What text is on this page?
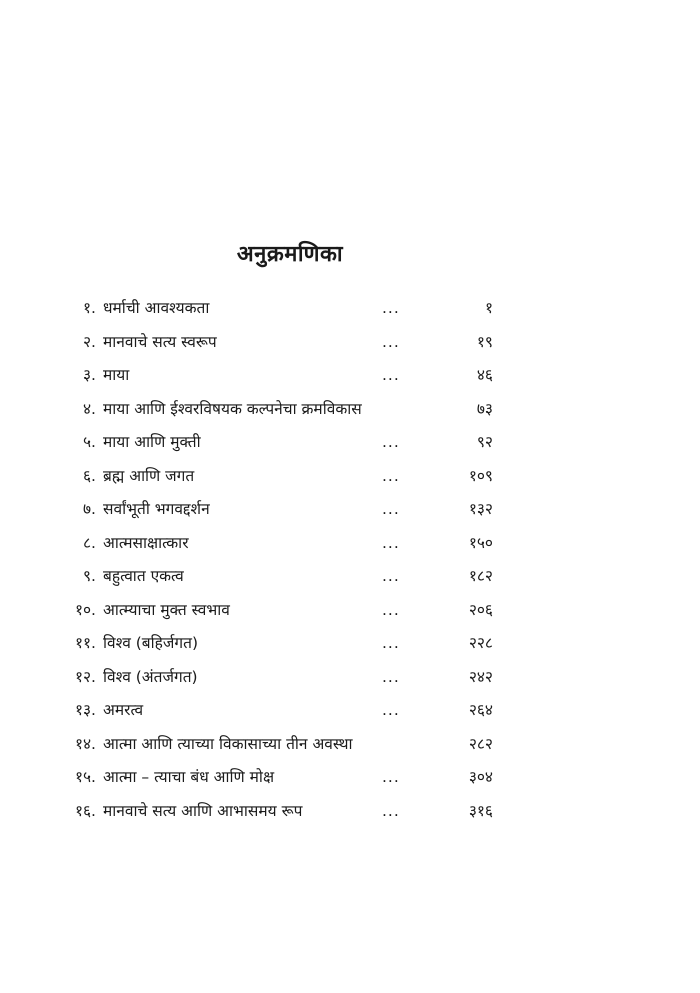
अनुक्रमणिका
१. धर्माची आवश्यकता	...	१
२. मानवाचे सत्य स्वरूप	...	१९
३. माया	...	४६
४. माया आणि ईश्वरविषयक कल्पनेचा क्रमविकास	७३
५. माया आणि मुक्ती	...	९२
६. ब्रह्म आणि जगत	...	१०९
७. सर्वांभूती भगवद्दर्शन	...	१३२
८. आत्मसाक्षात्कार	...	१५०
९. बहुत्वात एकत्व	...	१८२
१०. आत्म्याचा मुक्त स्वभाव	...	२०६
११. विश्व (बहिर्जगत)	...	२२८
१२. विश्व (अंतर्जगत)	...	२४२
१३. अमरत्व	...	२६४
१४. आत्मा आणि त्याच्या विकासाच्या तीन अवस्था	२८२
१५. आत्मा – त्याचा बंध आणि मोक्ष	...	३०४
१६. मानवाचे सत्य आणि आभासमय रूप	...	३१६
